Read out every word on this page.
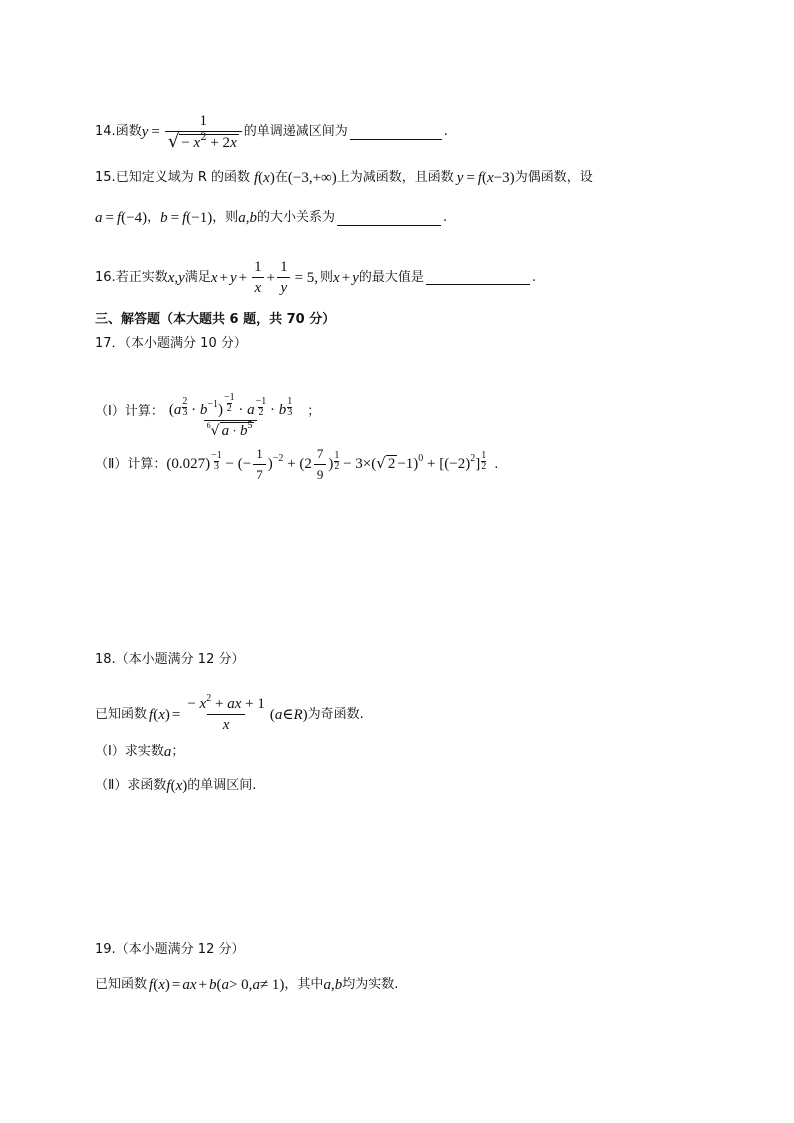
14. 函数 $y = \frac{1}{√ - x^2 + 2x}$ 的单调递减区间为	.
15. 已知定义域为 R 的函数 f ( x ) 在 (−3,+∞) 上为减函数，且函数 y = f ( x −3) 为偶函数，设
a = f (−4) ， b = f (−1) ，则 a , b 的大小关系为	.
16. 若正实数 x , y 满足 $x + y + \frac{1}{x} + \frac{1}{y} = 5$, 则 x + y 的最大值是	.
三、解答题（本大题共 6 题，共 70 分）
17．（本小题满分 10 分）
（Ⅰ）计算： $\frac{(a \frac{2}{3} \cdot b^{-1}) \frac{-1}{2} \cdot a \frac{-1}{2} \cdot b \frac{1}{3}}{^6√ a \cdot b^5}$ ；
（Ⅱ）计算： $(0.027) \frac{-1}{3}$ − (− $\frac{1}{7} )^{-2} + (2 \frac{7}{9}$ ) $\frac{1}{2} - 3\times(√$ $2 -1)^0 + [(-2)^2] \frac{1}{2}$ .
18.（本小题满分 12 分）
已知函数 f ( x ) = $\frac{- x^2 + ax + 1}{x}$ ( a ∈ R ) 为奇函数.
（Ⅰ）求实数 a ；
（Ⅱ）求函数 f ( x ) 的单调区间.
19.（本小题满分 12 分）
已知函数 f ( x ) = a x + b ( a > 0, a ≠ 1) ，其中 a , b 均为实数.
